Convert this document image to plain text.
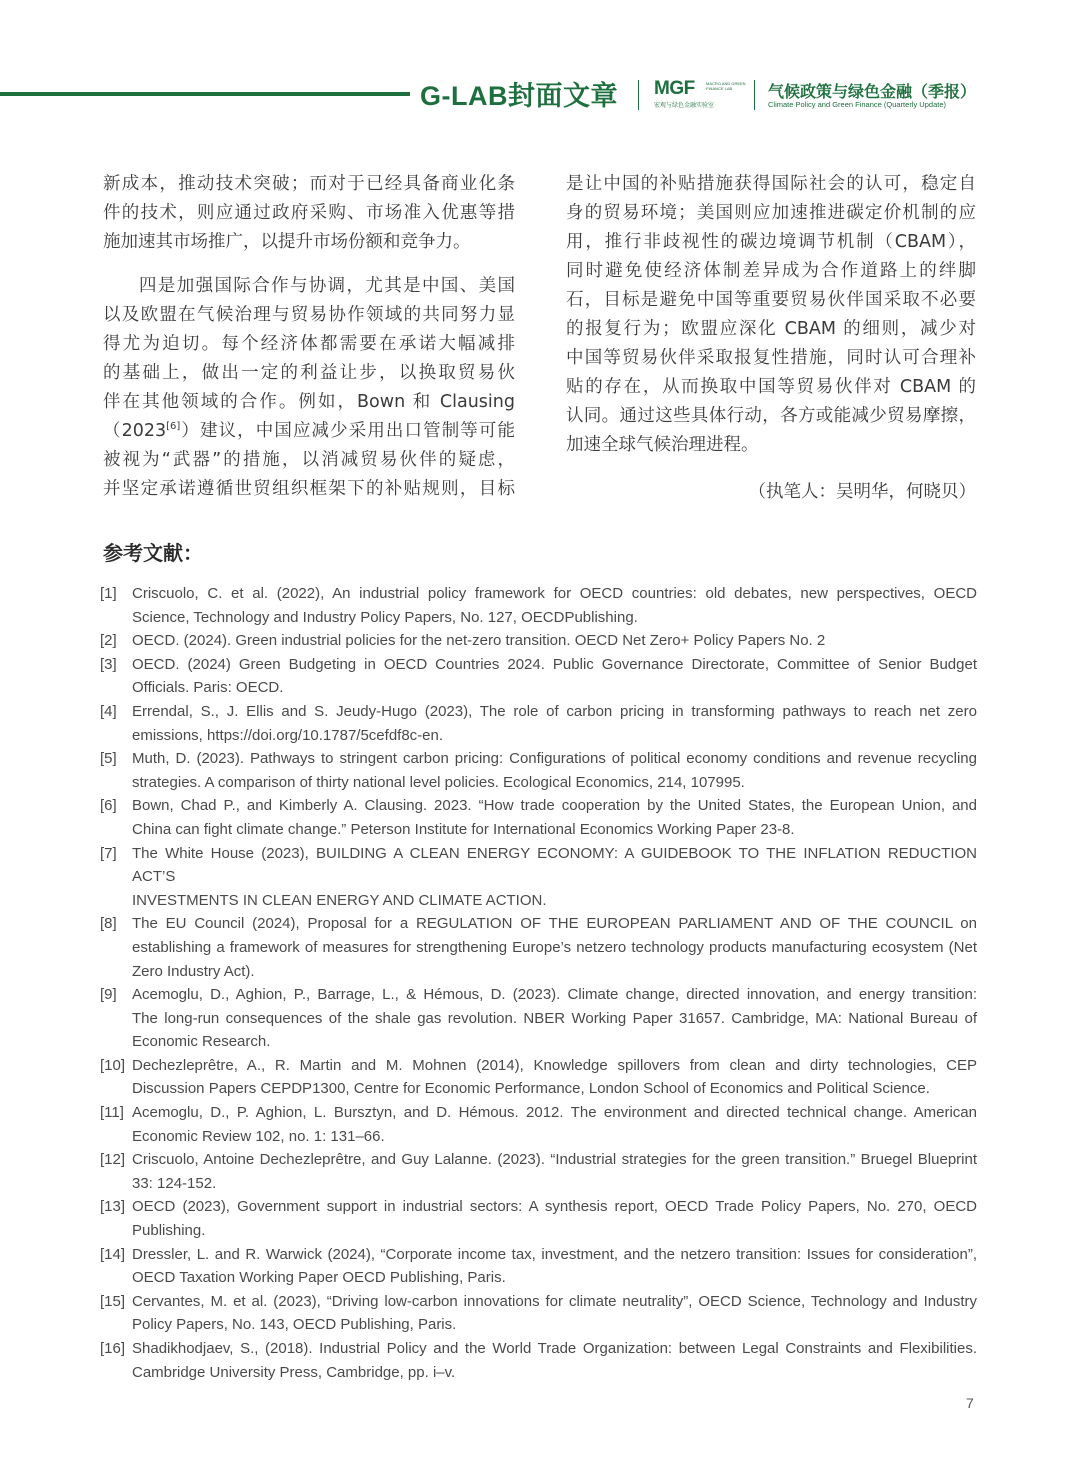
G-LAB封面文章 MGF	MACRO AND GREEN FINANCE LAB
宏观与绿色金融实验室
气候政策与绿色金融（季报）
Climate Policy and Green Finance (Quarterly Update)

新成本，推动技术突破；而对于已经具备商业化条
件的技术，则应通过政府采购、市场准入优惠等措
施加速其市场推广，以提升市场份额和竞争力。

四是加强国际合作与协调，尤其是中国、美国
以及欧盟在气候治理与贸易协作领域的共同努力显
得尤为迫切。每个经济体都需要在承诺大幅减排
的基础上，做出一定的利益让步，以换取贸易伙
伴在其他领域的合作。例如，Bown 和 Clausing
（2023[6]）建议，中国应减少采用出口管制等可能
被视为“武器”的措施，以消减贸易伙伴的疑虑，
并坚定承诺遵循世贸组织框架下的补贴规则，目标

是让中国的补贴措施获得国际社会的认可，稳定自
身的贸易环境；美国则应加速推进碳定价机制的应
用，推行非歧视性的碳边境调节机制（CBAM），
同时避免使经济体制差异成为合作道路上的绊脚
石，目标是避免中国等重要贸易伙伴国采取不必要
的报复行为；欧盟应深化 CBAM 的细则，减少对
中国等贸易伙伴采取报复性措施，同时认可合理补
贴的存在，从而换取中国等贸易伙伴对 CBAM 的
认同。通过这些具体行动，各方或能减少贸易摩擦，
加速全球气候治理进程。

（执笔人：吴明华，何晓贝）
参考文献：
[1] Criscuolo, C. et al. (2022), An industrial policy framework for OECD countries: old debates, new perspectives, OECD
Science, Technology and Industry Policy Papers, No. 127, OECDPublishing.
[2] OECD. (2024). Green industrial policies for the net-zero transition. OECD Net Zero+ Policy Papers No. 2
[3] OECD. (2024) Green Budgeting in OECD Countries 2024. Public Governance Directorate, Committee of Senior Budget
Officials. Paris: OECD.
[4] Errendal, S., J. Ellis and S. Jeudy-Hugo (2023), The role of carbon pricing in transforming pathways to reach net zero
emissions, https://doi.org/10.1787/5cefdf8c-en.
[5] Muth, D. (2023). Pathways to stringent carbon pricing: Configurations of political economy conditions and revenue recycling
strategies. A comparison of thirty national level policies. Ecological Economics, 214, 107995.
[6] Bown, Chad P., and Kimberly A. Clausing. 2023. “How trade cooperation by the United States, the European Union, and
China can fight climate change.” Peterson Institute for International Economics Working Paper 23-8.
[7] The White House (2023), BUILDING A CLEAN ENERGY ECONOMY: A GUIDEBOOK TO THE INFLATION REDUCTION ACT’S
INVESTMENTS IN CLEAN ENERGY AND CLIMATE ACTION.
[8] The EU Council (2024), Proposal for a REGULATION OF THE EUROPEAN PARLIAMENT AND OF THE COUNCIL on
establishing a framework of measures for strengthening Europe’s netzero technology products manufacturing ecosystem (Net
Zero Industry Act).
[9] Acemoglu, D., Aghion, P., Barrage, L., & Hémous, D. (2023). Climate change, directed innovation, and energy transition:
The long-run consequences of the shale gas revolution. NBER Working Paper 31657. Cambridge, MA: National Bureau of
Economic Research.
[10] Dechezleprêtre, A., R. Martin and M. Mohnen (2014), Knowledge spillovers from clean and dirty technologies, CEP
Discussion Papers CEPDP1300, Centre for Economic Performance, London School of Economics and Political Science.
[11] Acemoglu, D., P. Aghion, L. Bursztyn, and D. Hémous. 2012. The environment and directed technical change. American
Economic Review 102, no. 1: 131–66.
[12] Criscuolo, Antoine Dechezleprêtre, and Guy Lalanne. (2023). “Industrial strategies for the green transition.” Bruegel Blueprint
33: 124-152.
[13] OECD (2023), Government support in industrial sectors: A synthesis report, OECD Trade Policy Papers, No. 270, OECD
Publishing.
[14] Dressler, L. and R. Warwick (2024), “Corporate income tax, investment, and the netzero transition: Issues for consideration”,
OECD Taxation Working Paper OECD Publishing, Paris.
[15] Cervantes, M. et al. (2023), “Driving low-carbon innovations for climate neutrality”, OECD Science, Technology and Industry
Policy Papers, No. 143, OECD Publishing, Paris.
[16] Shadikhodjaev, S., (2018). Industrial Policy and the World Trade Organization: between Legal Constraints and Flexibilities.
Cambridge University Press, Cambridge, pp. i–v.
7
